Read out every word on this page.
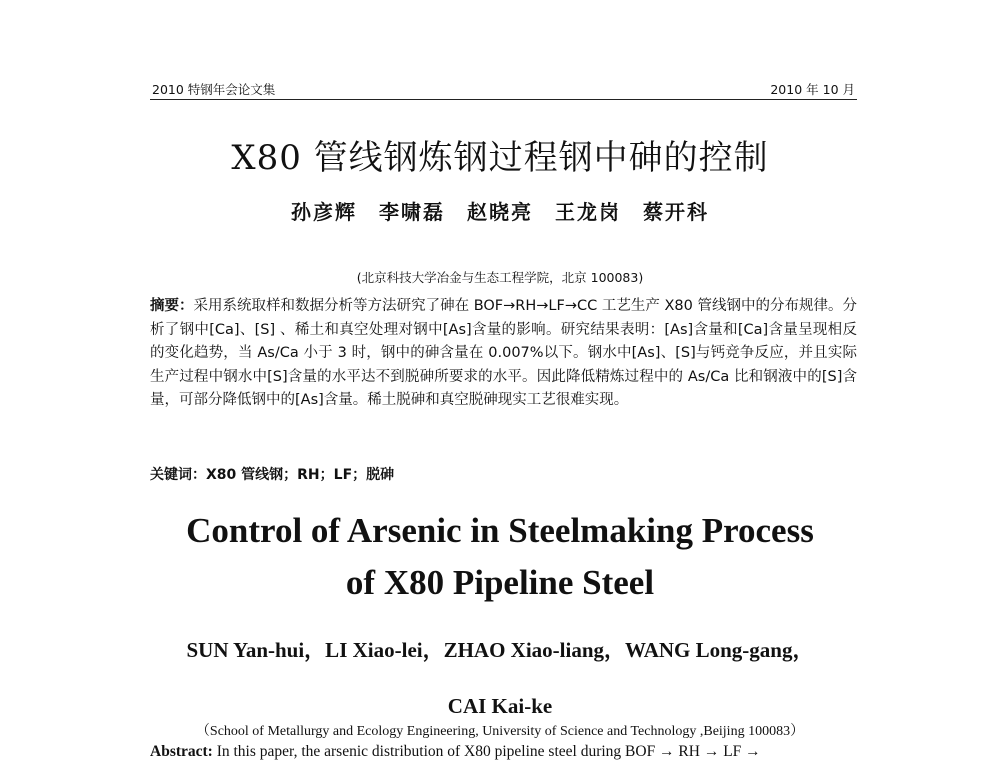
2010 特钢年会论文集	2010 年 10 月
X80 管线钢炼钢过程钢中砷的控制
孙彦辉　李啸磊　赵晓亮　王龙岗　蔡开科
(北京科技大学冶金与生态工程学院，北京 100083)
摘要：采用系统取样和数据分析等方法研究了砷在 BOF→RH→LF→CC 工艺生产 X80 管线钢中的分布规律。分析了钢中[Ca]、[S] 、稀土和真空处理对钢中[As]含量的影响。研究结果表明：[As]含量和[Ca]含量呈现相反的变化趋势，当 As/Ca 小于 3 时，钢中的砷含量在 0.007%以下。钢水中[As]、[S]与钙竞争反应，并且实际生产过程中钢水中[S]含量的水平达不到脱砷所要求的水平。因此降低精炼过程中的 As/Ca 比和钢液中的[S]含量，可部分降低钢中的[As]含量。稀土脱砷和真空脱砷现实工艺很难实现。
关键词：X80 管线钢；RH；LF；脱砷
Control of Arsenic in Steelmaking Process
of X80 Pipeline Steel
SUN Yan-hui，LI Xiao-lei，ZHAO Xiao-liang，WANG Long-gang，
CAI Kai-ke
（School of Metallurgy and Ecology Engineering, University of Science and Technology ,Beijing 100083）
Abstract: In this paper, the arsenic distribution of X80 pipeline steel during BOF → RH → LF →
